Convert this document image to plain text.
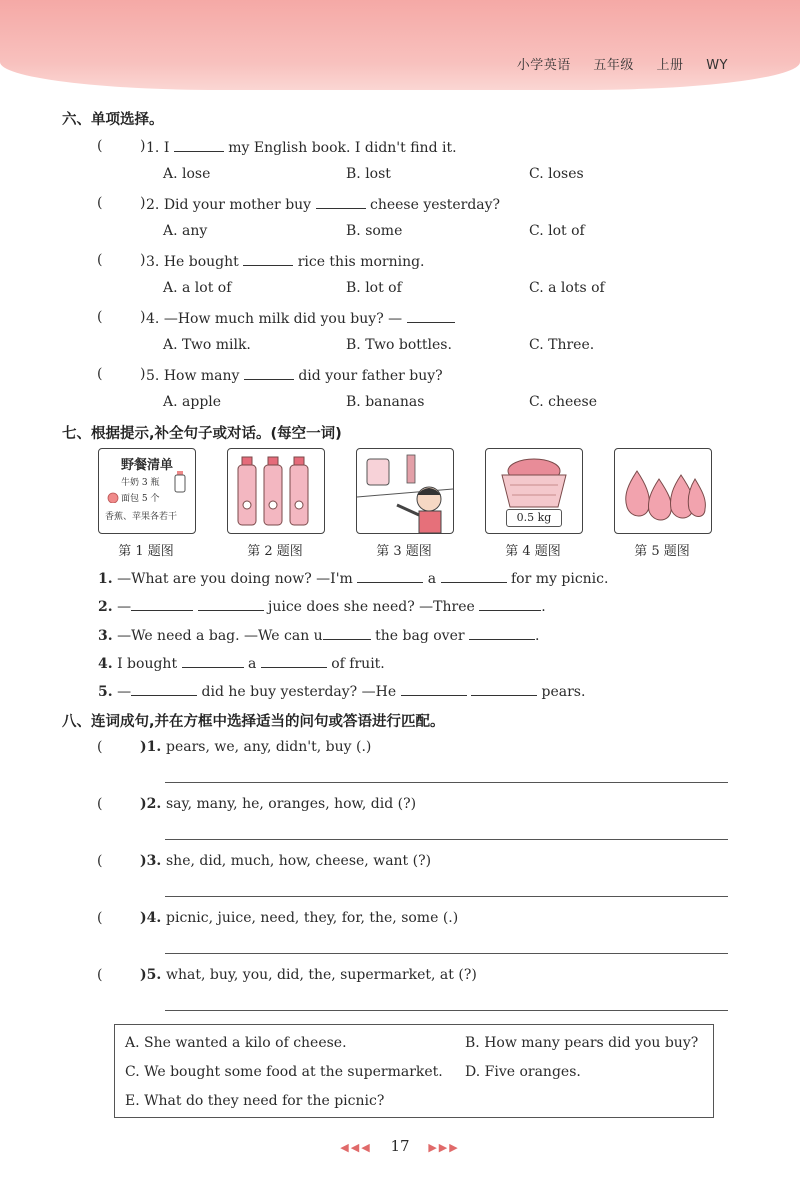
小学英语 五年级 上册 WY
六、单项选择。
(	) 1. I	my English book. I didn't find it.
A. lose	B. lost	C. loses
(	) 2. Did your mother buy	cheese yesterday?
A. any	B. some	C. lot of
(	) 3. He bought	rice this morning.
A. a lot of	B. lot of	C. a lots of
(	) 4. —How much milk did you buy? —
A. Two milk.	B. Two bottles.	C. Three.
(	) 5. How many	did your father buy?
A. apple	B. bananas	C. cheese
七、根据提示,补全句子或对话。(每空一词)
野餐清单
牛奶 3 瓶
面包 5 个
香蕉、苹果各若干	0.5 kg
第 1 题图	第 2 题图	第 3 题图	第 4 题图	第 5 题图
1. —What are you doing now? —I'm	a	for my picnic.
2. —	juice does she need? —Three	.
3. —We need a bag. —We can u	the bag over	.
4. I bought	a	of fruit.
5. —	did he buy yesterday? —He	pears.
八、连词成句,并在方框中选择适当的问句或答语进行匹配。
(	)1. pears, we, any, didn't, buy (.)
(	)2. say, many, he, oranges, how, did (?)
(	)3. she, did, much, how, cheese, want (?)
(	)4. picnic, juice, need, they, for, the, some (.)
(	)5. what, buy, you, did, the, supermarket, at (?)
A. She wanted a kilo of cheese.	B. How many pears did you buy?
C. We bought some food at the supermarket. D. Five oranges.
E. What do they need for the picnic?
◀◀◀ 17 ▶▶▶
